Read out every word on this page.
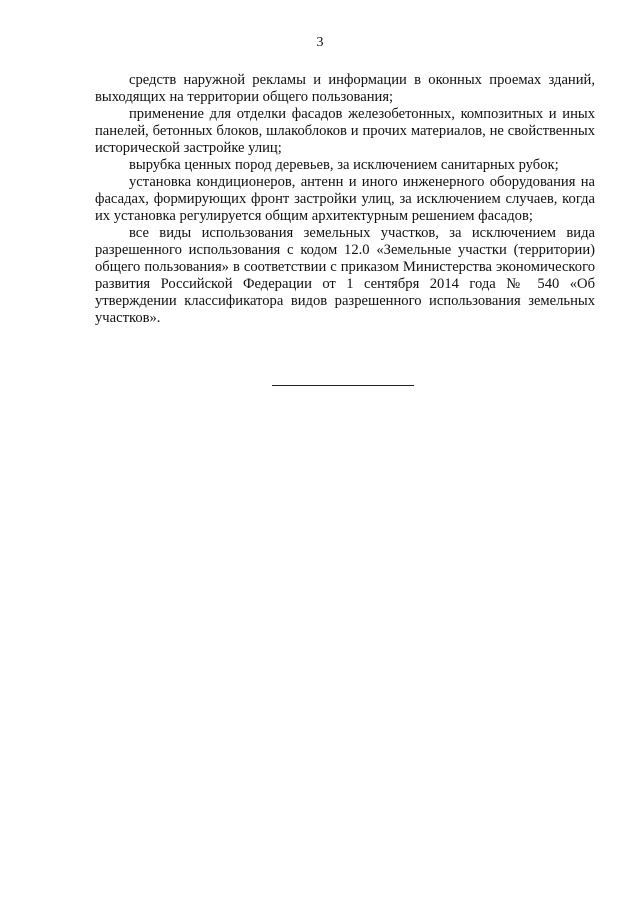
3

средств наружной рекламы и информации в оконных проемах зданий, выходящих на территории общего пользования;

применение для отделки фасадов железобетонных, композитных и иных панелей, бетонных блоков, шлакоблоков и прочих материалов, не свойственных исторической застройке улиц;

вырубка ценных пород деревьев, за исключением санитарных рубок;

установка кондиционеров, антенн и иного инженерного оборудования на фасадах, формирующих фронт застройки улиц, за исключением случаев, когда их установка регулируется общим архитектурным решением фасадов;

все виды использования земельных участков, за исключением вида разрешенного использования с кодом 12.0 «Земельные участки (территории) общего пользования» в соответствии с приказом Министерства экономического развития Российской Федерации от 1 сентября 2014 года № 540 «Об утверждении классификатора видов разрешенного использования земельных участков».
